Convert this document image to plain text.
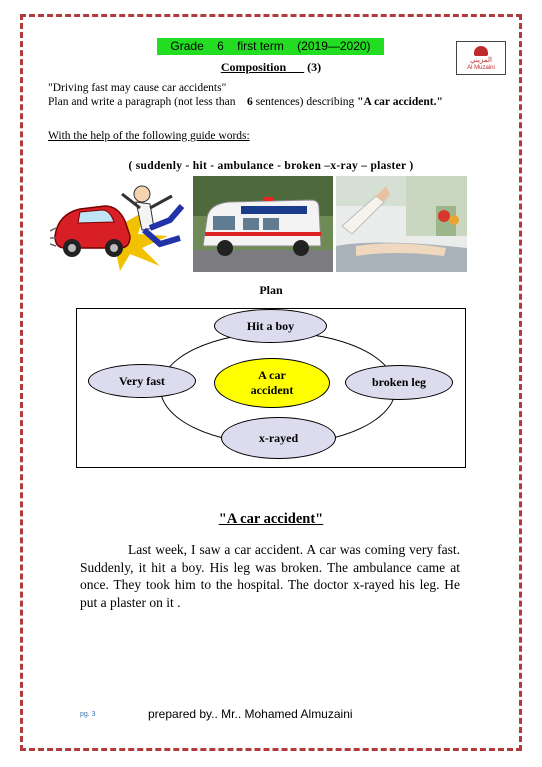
Grade 6 first term (2019—2020)
المزيني
Al Muzaini
Composition (3)
"Driving fast may cause car accidents"
Plan and write a paragraph (not less than 6 sentences) describing "A car accident."
With the help of the following guide words:
( suddenly - hit - ambulance - broken –x-ray – plaster )
Plan
A car
accident
Hit a boy
Very fast	broken leg
x-rayed
"A car accident"
Last week, I saw a car accident. A car was coming very fast. Suddenly, it hit a boy. His leg was broken. The ambulance came at once. They took him to the hospital. The doctor x-rayed his leg. He put a plaster on it .
pg. 3	prepared by.. Mr.. Mohamed Almuzaini
